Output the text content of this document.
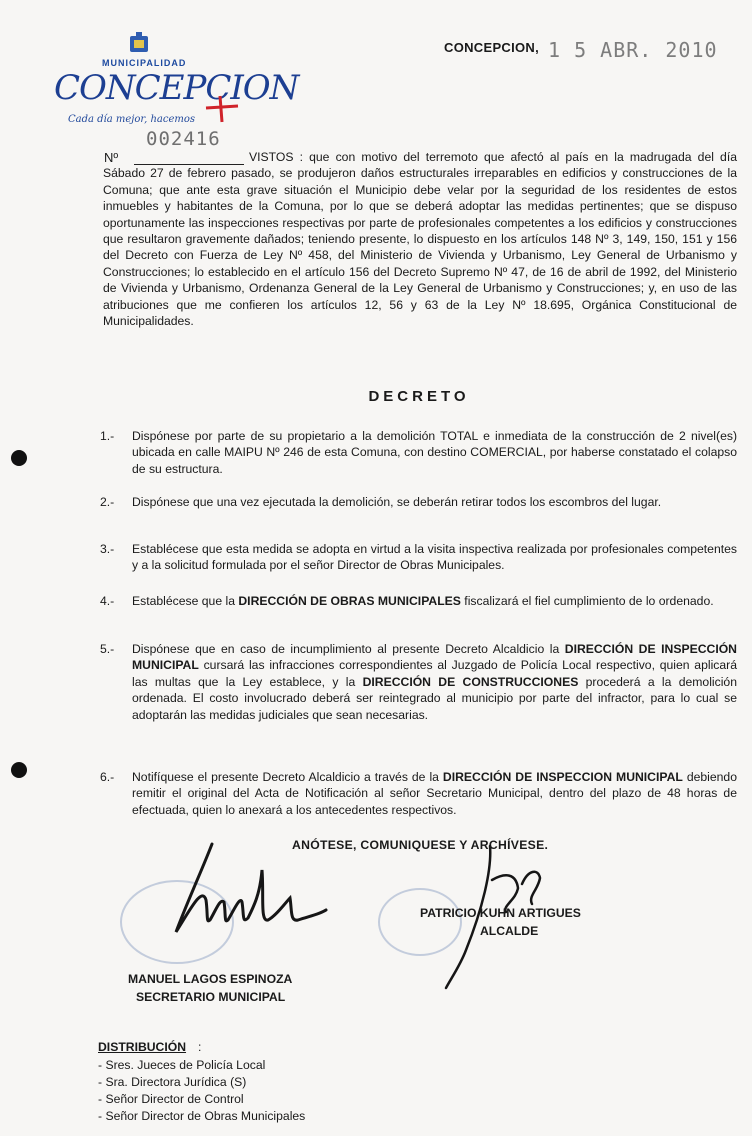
MUNICIPALIDAD
CONCEPCION
Cada día mejor, hacemos
CONCEPCION, 1 5 ABR. 2010
002416
Nº	VISTOS : que con motivo del terremoto que afectó al país en la madrugada del día Sábado 27 de febrero pasado, se produjeron daños estructurales irreparables en edificios y construcciones de la Comuna; que ante esta grave situación el Municipio debe velar por la seguridad de los residentes de estos inmuebles y habitantes de la Comuna, por lo que se deberá adoptar las medidas pertinentes; que se dispuso oportunamente las inspecciones respectivas por parte de profesionales competentes a los edificios y construcciones que resultaron gravemente dañados; teniendo presente, lo dispuesto en los artículos 148 Nº 3, 149, 150, 151 y 156 del Decreto con Fuerza de Ley Nº 458, del Ministerio de Vivienda y Urbanismo, Ley General de Urbanismo y Construcciones; lo establecido en el artículo 156 del Decreto Supremo Nº 47, de 16 de abril de 1992, del Ministerio de Vivienda y Urbanismo, Ordenanza General de la Ley General de Urbanismo y Construcciones; y, en uso de las atribuciones que me confieren los artículos 12, 56 y 63 de la Ley Nº 18.695, Orgánica Constitucional de Municipalidades.

DECRETO
1.- Dispónese por parte de su propietario a la demolición TOTAL e inmediata de la construcción de 2 nivel(es) ubicada en calle MAIPU Nº 246 de esta Comuna, con destino COMERCIAL, por haberse constatado el colapso de su estructura.
2.- Dispónese que una vez ejecutada la demolición, se deberán retirar todos los escombros del lugar.
3.- Establécese que esta medida se adopta en virtud a la visita inspectiva realizada por profesionales competentes y a la solicitud formulada por el señor Director de Obras Municipales.
4.- Establécese que la DIRECCIÓN DE OBRAS MUNICIPALES fiscalizará el fiel cumplimiento de lo ordenado.
5.- Dispónese que en caso de incumplimiento al presente Decreto Alcaldicio la DIRECCIÓN DE INSPECCIÓN MUNICIPAL cursará las infracciones correspondientes al Juzgado de Policía Local respectivo, quien aplicará las multas que la Ley establece, y la DIRECCIÓN DE CONSTRUCCIONES procederá a la demolición ordenada. El costo involucrado deberá ser reintegrado al municipio por parte del infractor, para lo cual se adoptarán las medidas judiciales que sean necesarias.
6.- Notifíquese el presente Decreto Alcaldicio a través de la DIRECCIÓN DE INSPECCION MUNICIPAL debiendo remitir el original del Acta de Notificación al señor Secretario Municipal, dentro del plazo de 48 horas de efectuada, quien lo anexará a los antecedentes respectivos.
ANÓTESE, COMUNIQUESE Y ARCHÍVESE.
PATRICIO KUHN ARTIGUES
ALCALDE
MANUEL LAGOS ESPINOZA
SECRETARIO MUNICIPAL
DISTRIBUCIÓN :
- Sres. Jueces de Policía Local
- Sra. Directora Jurídica (S)
- Señor Director de Control
- Señor Director de Obras Municipales
